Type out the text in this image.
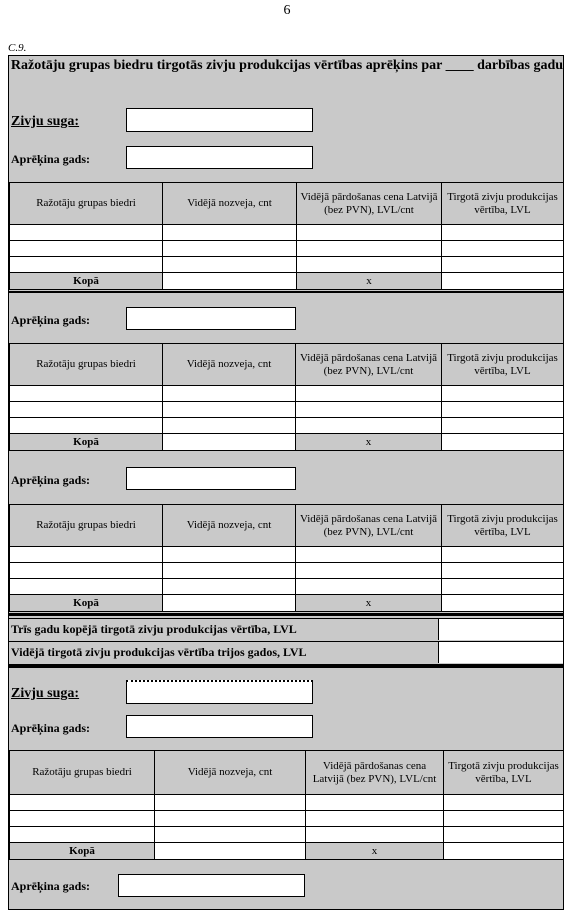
6
C.9.
Ražotāju grupas biedru tirgotās zivju produkcijas vērtības aprēķins par ____ darbības gadu
Zivju suga:
Aprēķina gads:
Ražotāju grupas biedri	Vidējā nozveja, cnt	Vidējā pārdošanas cena Latvijā (bez PVN), LVL/cnt	Tirgotā zivju produkcijas vērtība, LVL

Kopā		x	
Aprēķina gads:
Ražotāju grupas biedri	Vidējā nozveja, cnt	Vidējā pārdošanas cena Latvijā (bez PVN), LVL/cnt	Tirgotā zivju produkcijas vērtība, LVL

Kopā		x	
Aprēķina gads:
Ražotāju grupas biedri	Vidējā nozveja, cnt	Vidējā pārdošanas cena Latvijā (bez PVN), LVL/cnt	Tirgotā zivju produkcijas vērtība, LVL

Kopā		x	
Trīs gadu kopējā tirgotā zivju produkcijas vērtība, LVL
Vidējā tirgotā zivju produkcijas vērtība trijos gados, LVL
Zivju suga:
Aprēķina gads:
Ražotāju grupas biedri	Vidējā nozveja, cnt	Vidējā pārdošanas cena Latvijā (bez PVN), LVL/cnt	Tirgotā zivju produkcijas vērtība, LVL

Kopā		x	
Aprēķina gads:
